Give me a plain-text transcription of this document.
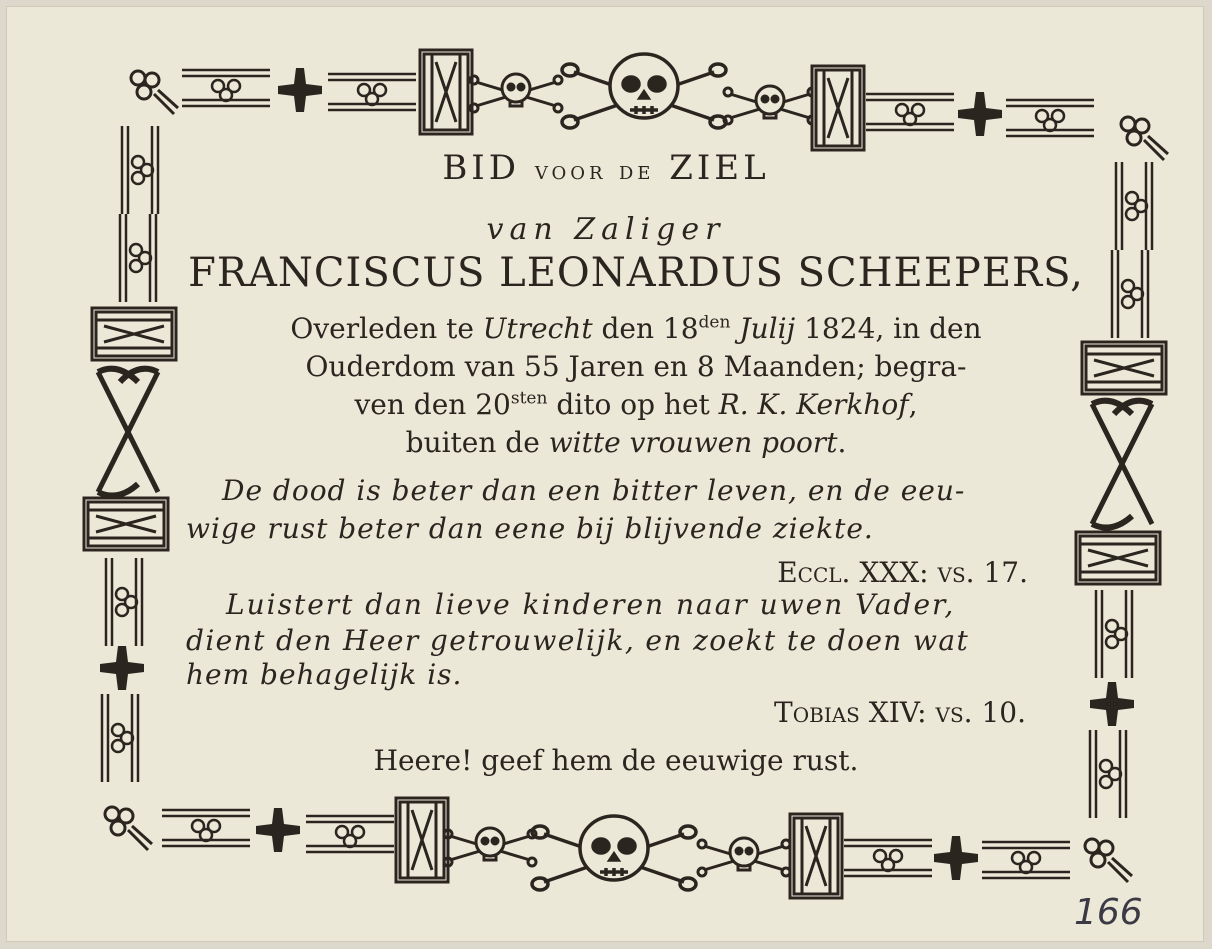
BID voor de ZIEL
van Zaliger
FRANCISCUS LEONARDUS SCHEEPERS,
Overleden te Utrecht den $18^{den}$ Julij 1824, in den
Ouderdom van 55 Jaren en 8 Maanden; begra-
ven den $20^{sten}$ dito op het R. K. Kerkhof,
buiten de witte vrouwen poort.
De dood is beter dan een bitter leven, en de eeu-
wige rust beter dan eene bij blijvende ziekte.
Eccl. XXX: vs. 17.
Luistert dan lieve kinderen naar uwen Vader,
dient den Heer getrouwelijk, en zoekt te doen wat
hem behagelijk is.
Tobias XIV: vs. 10.
Heere! geef hem de eeuwige rust.
166
